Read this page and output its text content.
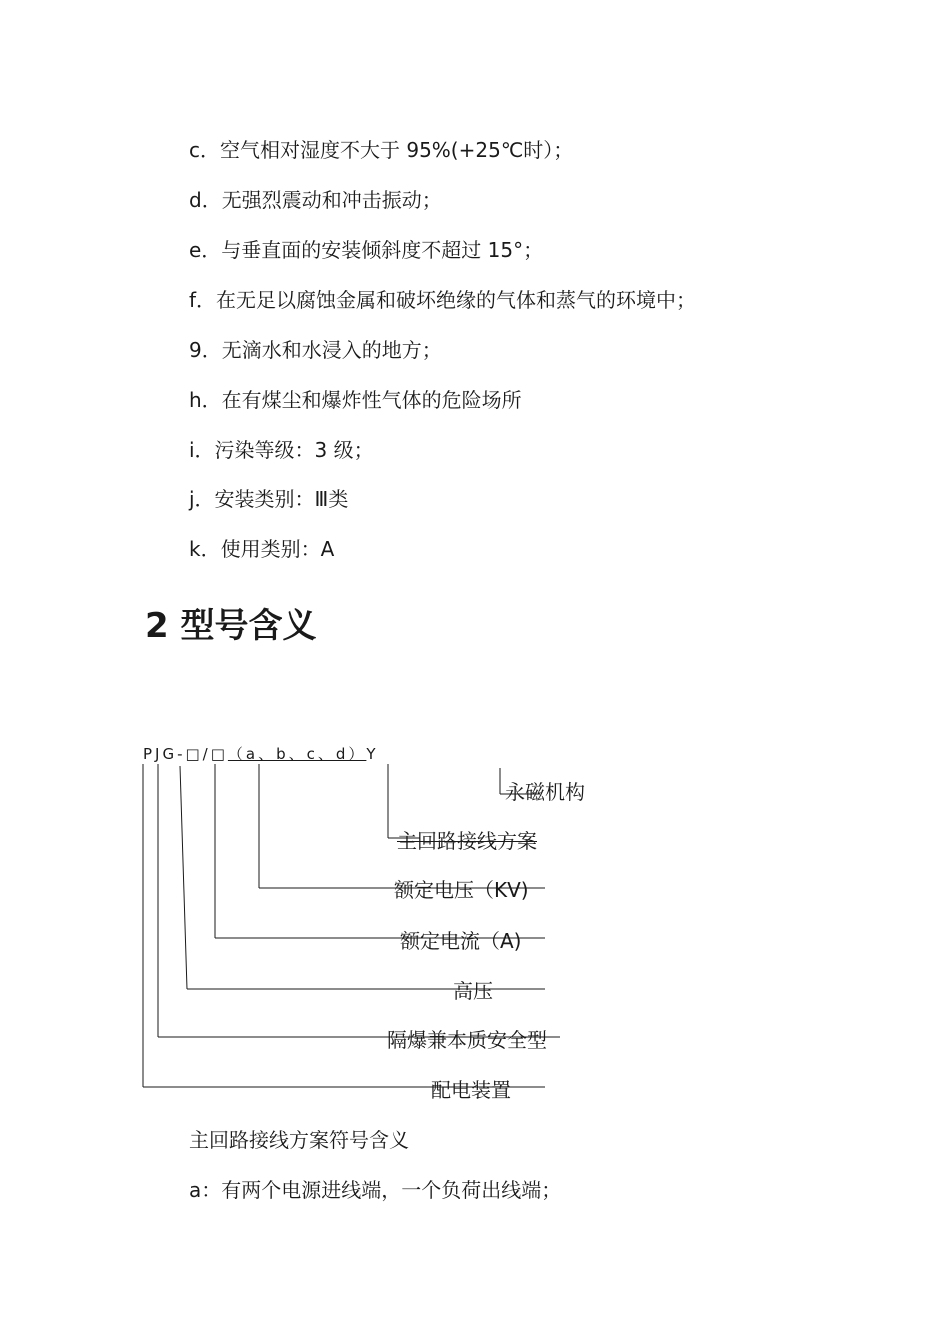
c．空气相对湿度不大于 95%(+25℃时）；
d．无强烈震动和冲击振动；
e．与垂直面的安装倾斜度不超过 15°；
f．在无足以腐蚀金属和破坏绝缘的气体和蒸气的环境中；
9．无滴水和水浸入的地方；
h．在有煤尘和爆炸性气体的危险场所
i．污染等级：3 级；
j．安装类别：Ⅲ类
k．使用类别：A
2 型号含义
PJG-□/□（a、b、c、d）Y
永磁机构
主回路接线方案
额定电压（KV)
额定电流（A)
高压
隔爆兼本质安全型
配电装置
主回路接线方案符号含义
a：有两个电源进线端，一个负荷出线端；
